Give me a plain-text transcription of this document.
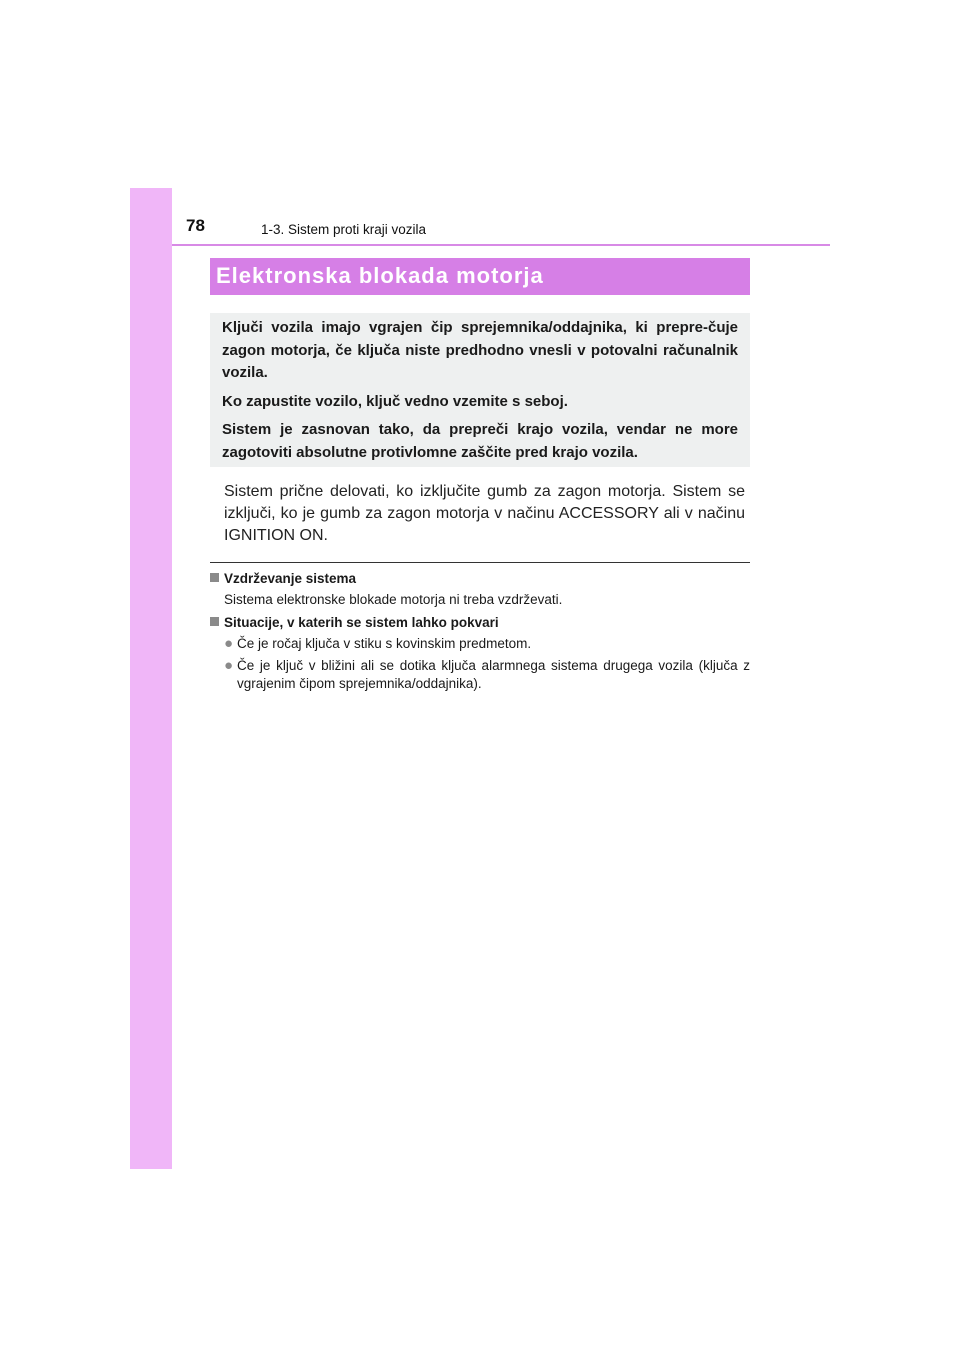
78	1-3. Sistem proti kraji vozila
Elektronska blokada motorja

Ključi vozila imajo vgrajen čip sprejemnika/oddajnika, ki prepre-čuje zagon motorja, če ključa niste predhodno vnesli v potovalni računalnik vozila.

Ko zapustite vozilo, ključ vedno vzemite s seboj.

Sistem je zasnovan tako, da prepreči krajo vozila, vendar ne more zagotoviti absolutne protivlomne zaščite pred krajo vozila.

Sistem prične delovati, ko izključite gumb za zagon motorja. Sistem se izključi, ko je gumb za zagon motorja v načinu ACCESSORY ali v načinu IGNITION ON.

Vzdrževanje sistema
Sistema elektronske blokade motorja ni treba vzdrževati.
Situacije, v katerih se sistem lahko pokvari
● Če je ročaj ključa v stiku s kovinskim predmetom.
● Če je ključ v bližini ali se dotika ključa alarmnega sistema drugega vozila (ključa z vgrajenim čipom sprejemnika/oddajnika).
